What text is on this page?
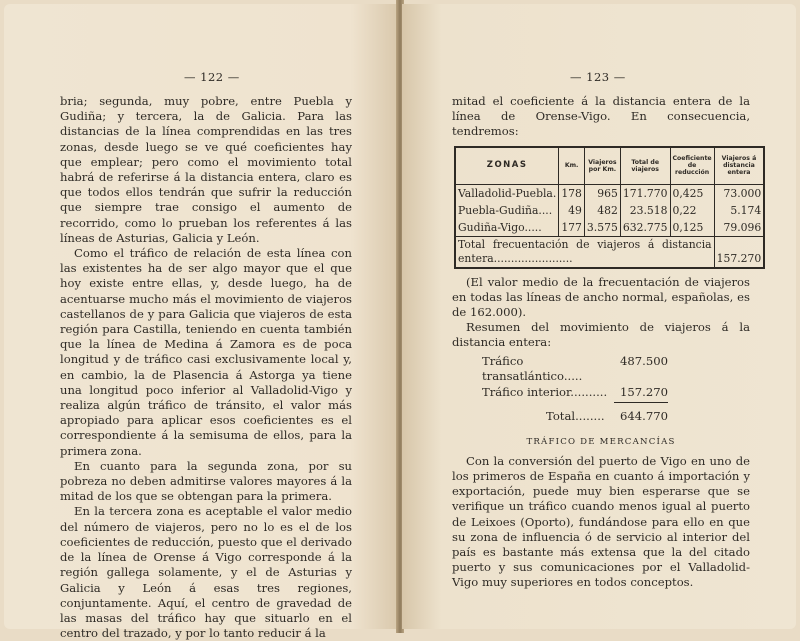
— 122 —

bria; segunda, muy pobre, entre Puebla y Gudiña; y tercera, la de Galicia. Para las distancias de la línea comprendidas en las tres zonas, desde luego se ve qué coeficientes hay que emplear; pero como el movimiento total habrá de referirse á la distancia entera, claro es que todos ellos tendrán que sufrir la reducción que siempre trae consigo el aumento de recorrido, como lo prueban los referentes á las líneas de Asturias, Galicia y León.

Como el tráfico de relación de esta línea con las existentes ha de ser algo mayor que el que hoy existe entre ellas, y, desde luego, ha de acentuarse mucho más el movimiento de viajeros castellanos de y para Galicia que viajeros de esta región para Castilla, teniendo en cuenta también que la línea de Medina á Zamora es de poca longitud y de tráfico casi exclusivamente local y, en cambio, la de Plasencia á Astorga ya tiene una longitud poco inferior al Valladolid-Vigo y realiza algún tráfico de tránsito, el valor más apropiado para aplicar esos coeficientes es el correspondiente á la semisuma de ellos, para la primera zona.

En cuanto para la segunda zona, por su pobreza no deben admitirse valores mayores á la mitad de los que se obtengan para la primera.

En la tercera zona es aceptable el valor medio del número de viajeros, pero no lo es el de los coeficientes de reducción, puesto que el derivado de la línea de Orense á Vigo corresponde á la región gallega solamente, y el de Asturias y Galicia y León á esas tres regiones, conjuntamente. Aquí, el centro de gravedad de las masas del tráfico hay que situarlo en el centro del trazado, y por lo tanto reducir á la

— 123 —

mitad el coeficiente á la distancia entera de la línea de Orense-Vigo. En consecuencia, tendremos:

ZONAS	Km.	Viajeros por Km.	Total de viajeros	Coeficiente de reducción	Viajeros á distancia entera
Valladolid-Puebla.	178	965	171.770	0,425	73.000
Puebla-Gudiña....	49	482	23.518	0,22	5.174
Gudiña-Vigo.....	177	3.575	632.775	0,125	79.096
Total frecuentación de viajeros á distancia entera.......................					157.270

(El valor medio de la frecuentación de viajeros en todas las líneas de ancho normal, españolas, es de 162.000).

Resumen del movimiento de viajeros á la distancia entera:

Tráfico transatlántico.....
487.500
Tráfico interior.......... 157.270
Total........ 644.770
TRÁFICO DE MERCANCÍAS

Con la conversión del puerto de Vigo en uno de los primeros de España en cuanto á importación y exportación, puede muy bien esperarse que se verifique un tráfico cuando menos igual al puerto de Leixoes (Oporto), fundándose para ello en que su zona de influencia ó de servicio al interior del país es bastante más extensa que la del citado puerto y sus comunicaciones por el Valladolid-Vigo muy superiores en todos conceptos.
